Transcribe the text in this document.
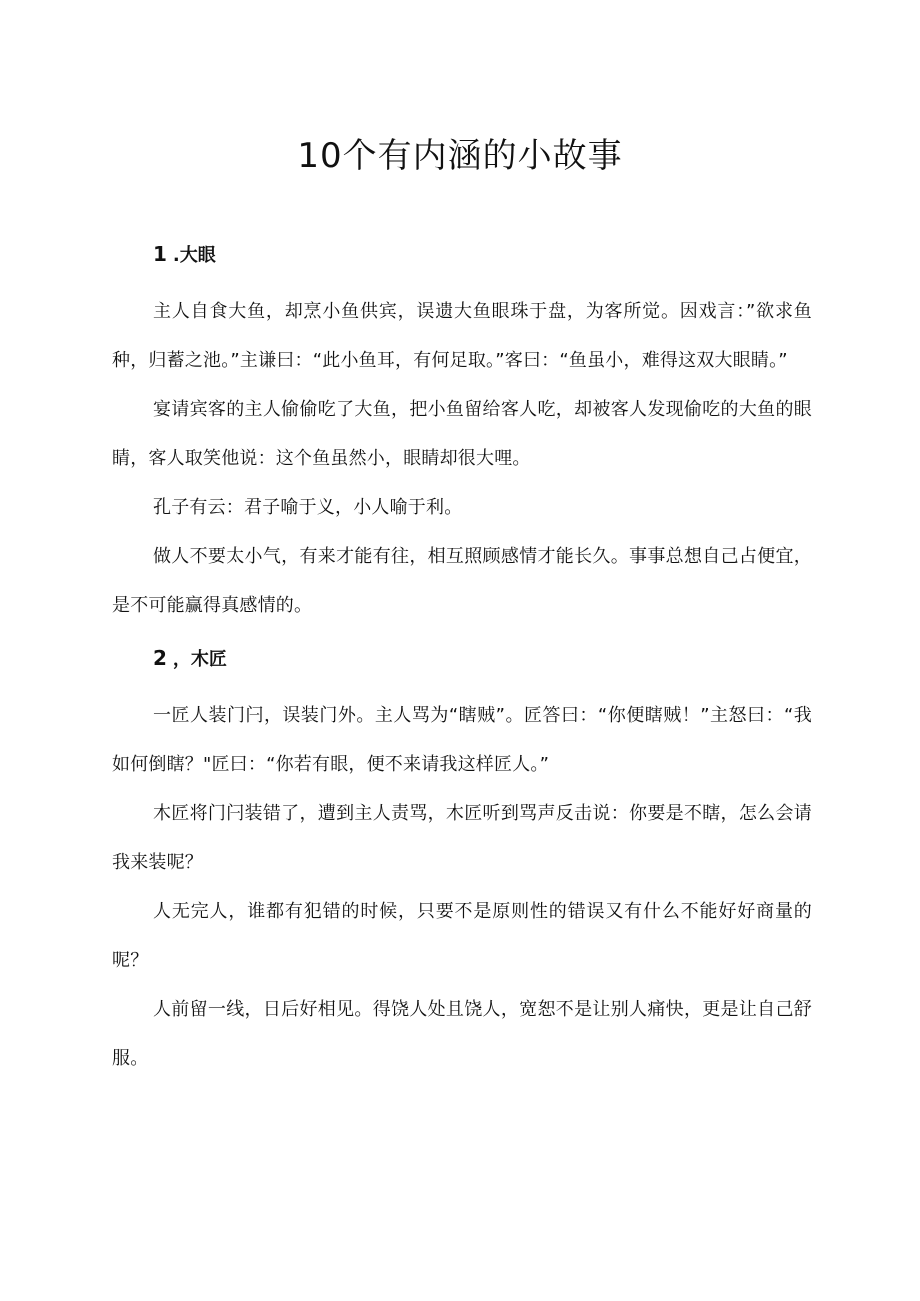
10个有内涵的小故事
1 .大眼

主人自食大鱼，却烹小鱼供宾，误遗大鱼眼珠于盘，为客所觉。因戏言：”欲求鱼种，归蓄之池。”主谦曰：“此小鱼耳，有何足取。”客曰：“鱼虽小，难得这双大眼睛。”

宴请宾客的主人偷偷吃了大鱼，把小鱼留给客人吃，却被客人发现偷吃的大鱼的眼睛，客人取笑他说：这个鱼虽然小，眼睛却很大哩。

孔子有云：君子喻于义，小人喻于利。

做人不要太小气，有来才能有往，相互照顾感情才能长久。事事总想自己占便宜，是不可能赢得真感情的。

2 ，木匠

一匠人装门闩，误装门外。主人骂为“瞎贼”。匠答曰：“你便瞎贼！”主怒曰：“我如何倒瞎？"匠曰：“你若有眼，便不来请我这样匠人。”

木匠将门闩装错了，遭到主人责骂，木匠听到骂声反击说：你要是不瞎，怎么会请我来装呢？

人无完人，谁都有犯错的时候，只要不是原则性的错误又有什么不能好好商量的呢？

人前留一线，日后好相见。得饶人处且饶人，宽恕不是让别人痛快，更是让自己舒服。
